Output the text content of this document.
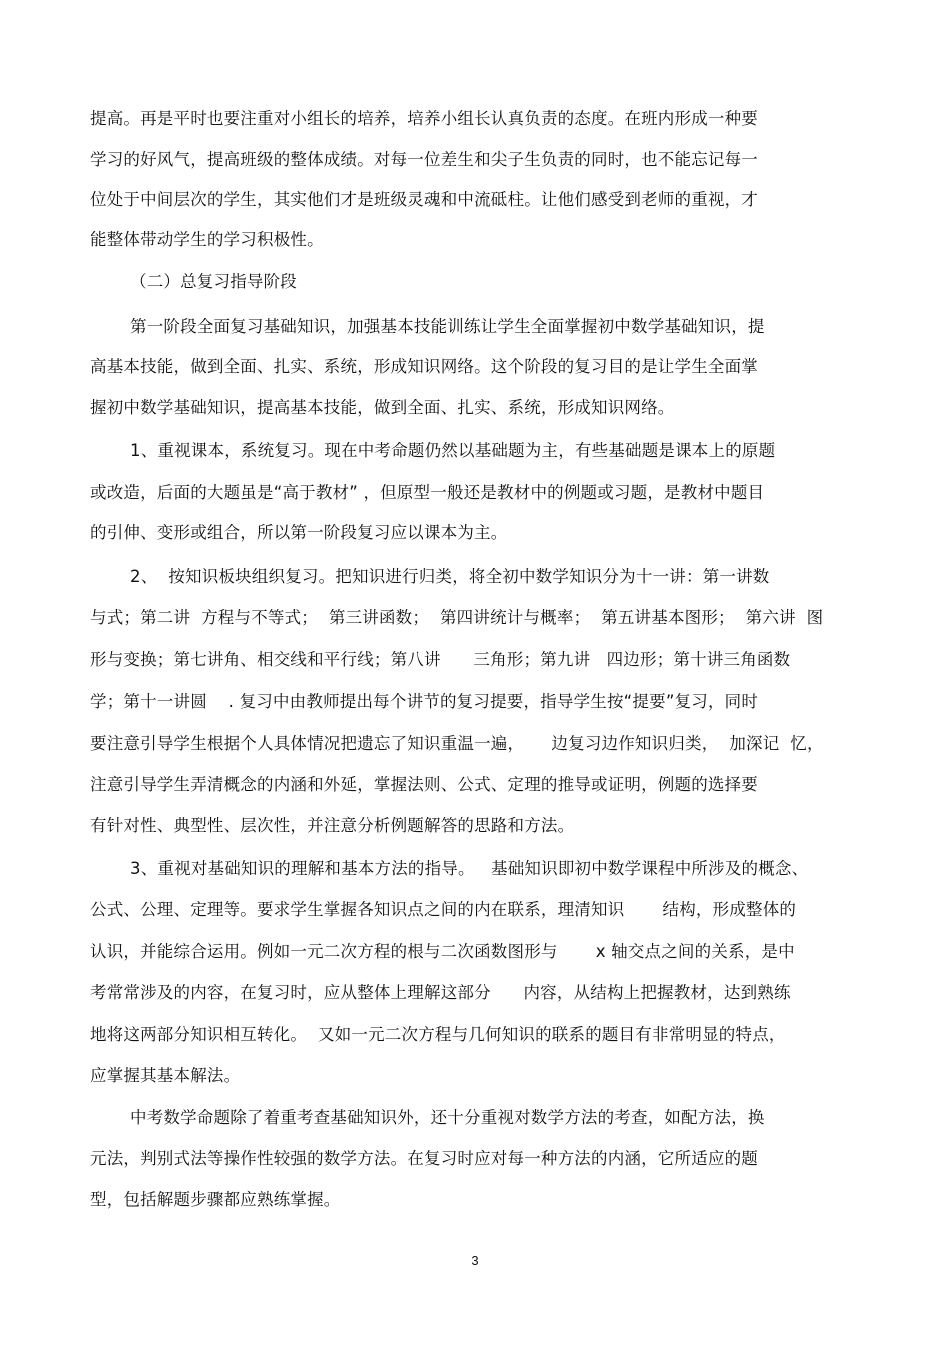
提高。再是平时也要注重对小组长的培养，培养小组长认真负责的态度。在班内形成一种要
学习的好风气，提高班级的整体成绩。对每一位差生和尖子生负责的同时，也不能忘记每一
位处于中间层次的学生，其实他们才是班级灵魂和中流砥柱。让他们感受到老师的重视，才
能整体带动学生的学习积极性。
（二）总复习指导阶段
第一阶段全面复习基础知识，加强基本技能训练让学生全面掌握初中数学基础知识，提
高基本技能，做到全面、扎实、系统，形成知识网络。这个阶段的复习目的是让学生全面掌
握初中数学基础知识，提高基本技能，做到全面、扎实、系统，形成知识网络。
1、重视课本，系统复习。现在中考命题仍然以基础题为主，有些基础题是课本上的原题
或改造，后面的大题虽是“高于教材” ，但原型一般还是教材中的例题或习题，是教材中题目
的引伸、变形或组合，所以第一阶段复习应以课本为主。
2、  按知识板块组织复习。把知识进行归类，将全初中数学知识分为十一讲：第一讲数
与式；第二讲  方程与不等式；  第三讲函数；  第四讲统计与概率；  第五讲基本图形；  第六讲  图
形与变换；第七讲角、相交线和平行线；第八讲      三角形；第九讲   四边形；第十讲三角函数
学；第十一讲圆    . 复习中由教师提出每个讲节的复习提要，指导学生按“提要”复习，同时
要注意引导学生根据个人具体情况把遗忘了知识重温一遍，     边复习边作知识归类，  加深记  忆，
注意引导学生弄清概念的内涵和外延，掌握法则、公式、定理的推导或证明，例题的选择要
有针对性、典型性、层次性，并注意分析例题解答的思路和方法。
3、重视对基础知识的理解和基本方法的指导。   基础知识即初中数学课程中所涉及的概念、
公式、公理、定理等。要求学生掌握各知识点之间的内在联系，理清知识       结构，形成整体的
认识，并能综合运用。例如一元二次方程的根与二次函数图形与       x 轴交点之间的关系，是中
考常常涉及的内容，在复习时，应从整体上理解这部分      内容，从结构上把握教材，达到熟练
地将这两部分知识相互转化。  又如一元二次方程与几何知识的联系的题目有非常明显的特点，
应掌握其基本解法。
中考数学命题除了着重考查基础知识外，还十分重视对数学方法的考查，如配方法，换
元法，判别式法等操作性较强的数学方法。在复习时应对每一种方法的内涵，它所适应的题
型，包括解题步骤都应熟练掌握。
3
